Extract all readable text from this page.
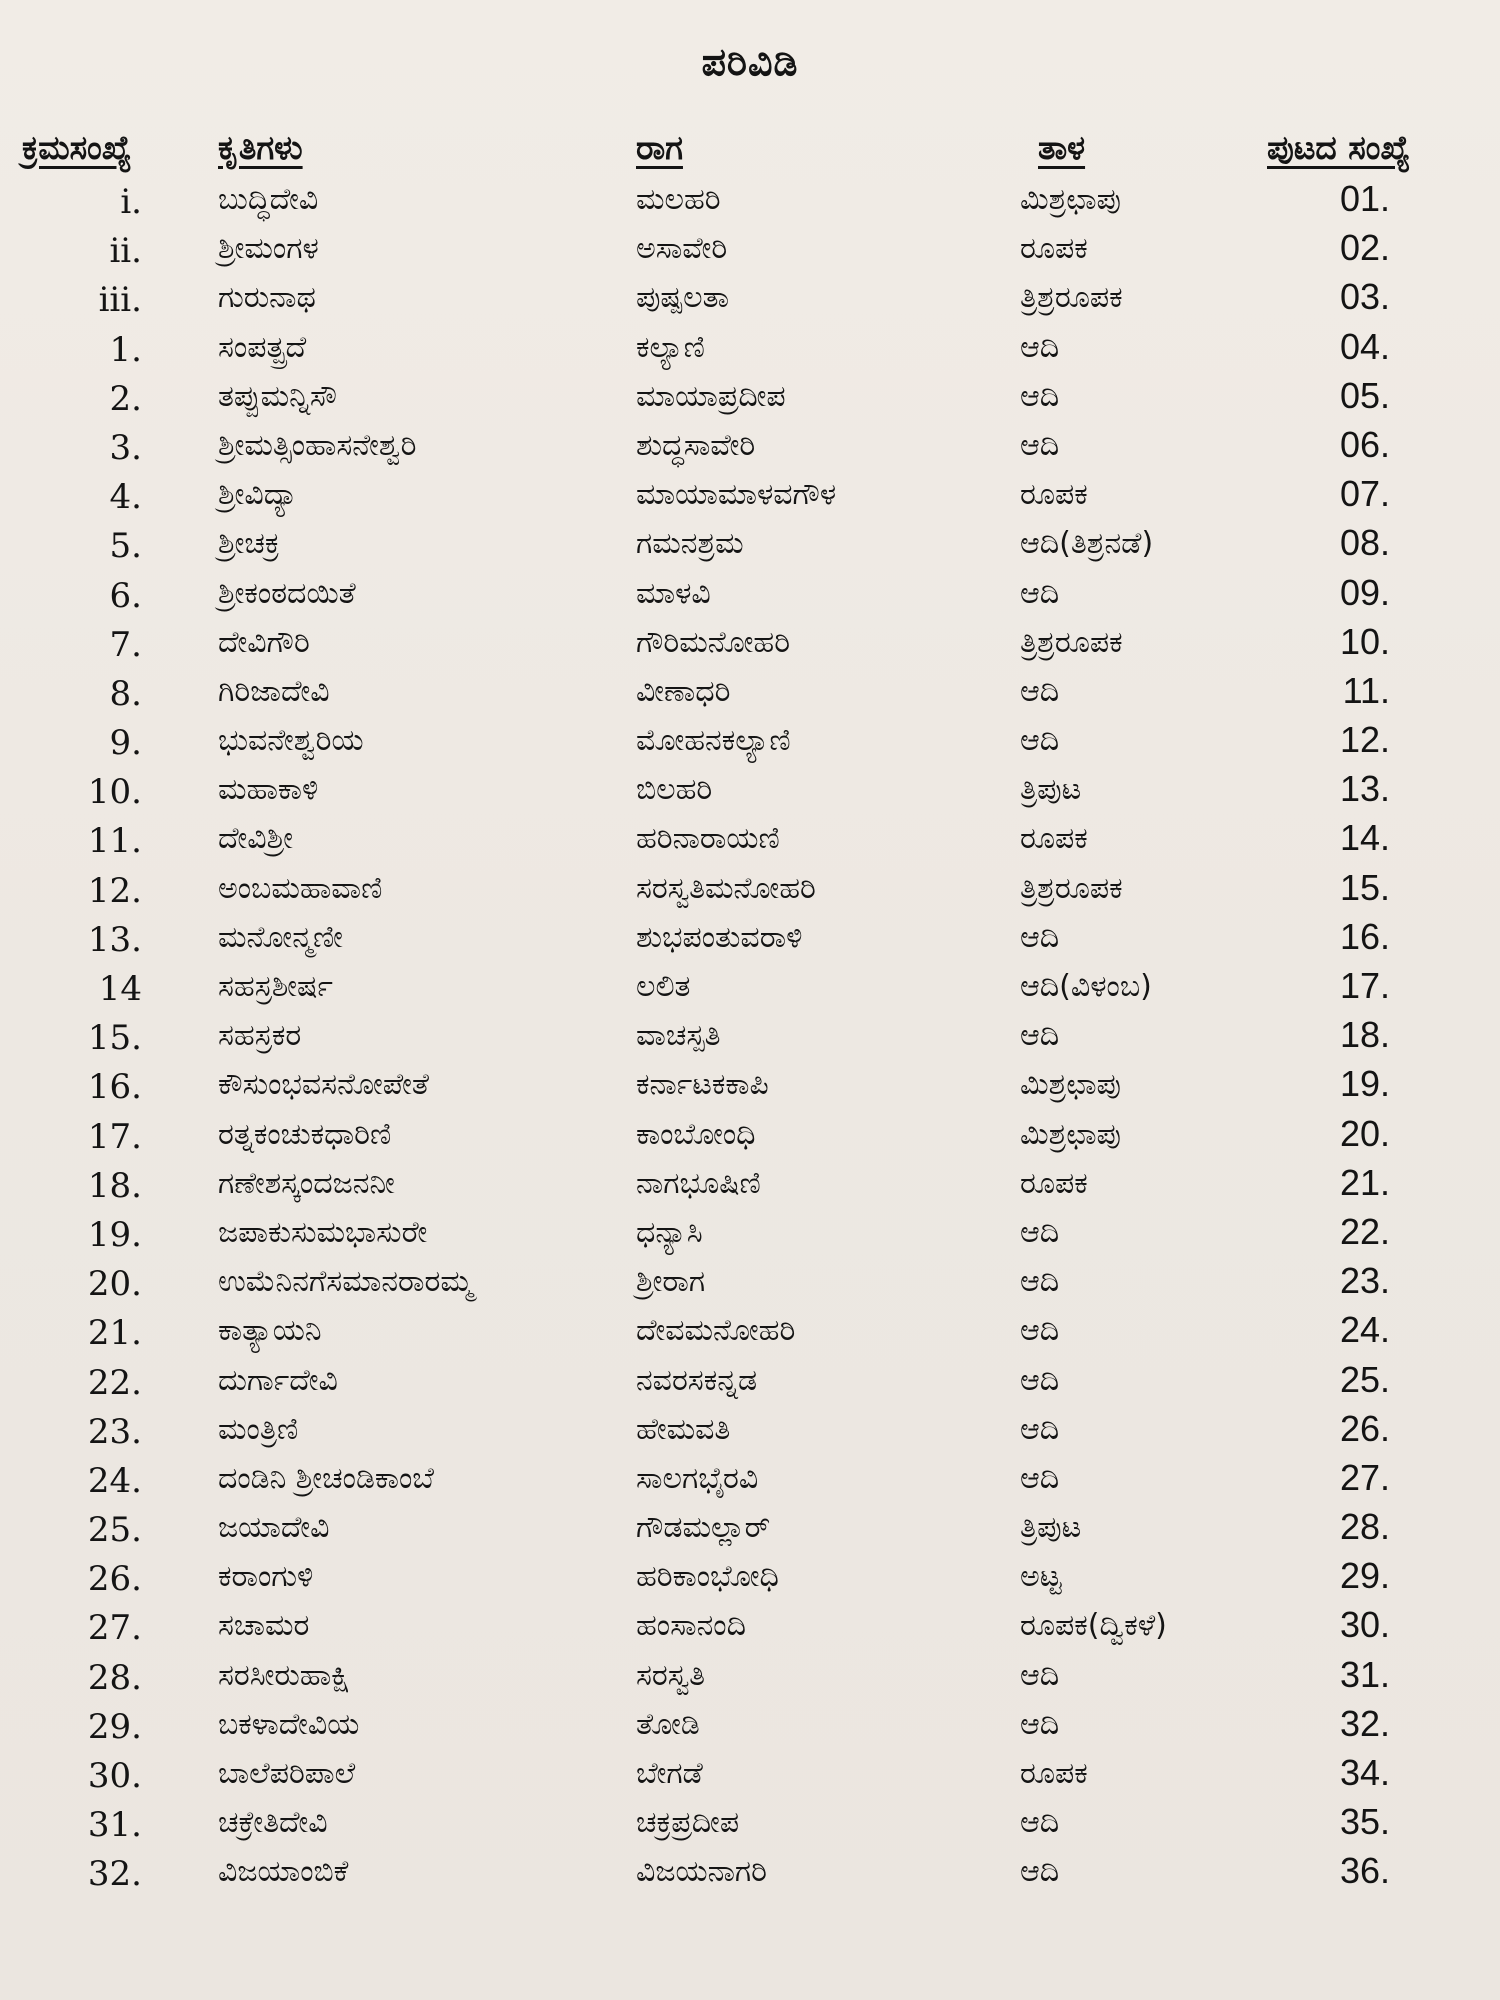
ಪರಿವಿಡಿ
ಕ್ರಮಸಂಖ್ಯೆ	ಕೃತಿಗಳು	ರಾಗ	ತಾಳ	ಪುಟದ ಸಂಖ್ಯೆ
i.	ಬುದ್ಧಿದೇವಿ	ಮಲಹರಿ	ಮಿಶ್ರಛಾಪು	01.
ii.	ಶ್ರೀಮಂಗಳ	ಅಸಾವೇರಿ	ರೂಪಕ	02.
iii.	ಗುರುನಾಥ	ಪುಷ್ಪಲತಾ	ತ್ರಿಶ್ರರೂಪಕ	03.
1.	ಸಂಪತ್ಪ್ರದೆ	ಕಲ್ಯಾಣಿ	ಆದಿ	04.
2.	ತಪ್ಪುಮನ್ನಿಸೌ	ಮಾಯಾಪ್ರದೀಪ	ಆದಿ	05.
3.	ಶ್ರೀಮತ್ಸಿಂಹಾಸನೇಶ್ವರಿ	ಶುದ್ಧಸಾವೇರಿ	ಆದಿ	06.
4.	ಶ್ರೀವಿದ್ಯಾ	ಮಾಯಾಮಾಳವಗೌಳ	ರೂಪಕ	07.
5.	ಶ್ರೀಚಕ್ರ	ಗಮನಶ್ರಮ	ಆದಿ(ತಿಶ್ರನಡೆ)	08.
6.	ಶ್ರೀಕಂಠದಯಿತೆ	ಮಾಳವಿ	ಆದಿ	09.
7.	ದೇವಿಗೌರಿ	ಗೌರಿಮನೋಹರಿ	ತ್ರಿಶ್ರರೂಪಕ	10.
8.	ಗಿರಿಜಾದೇವಿ	ವೀಣಾಧರಿ	ಆದಿ	11.
9.	ಭುವನೇಶ್ವರಿಯ	ಮೋಹನಕಲ್ಯಾಣಿ	ಆದಿ	12.
10.	ಮಹಾಕಾಳಿ	ಬಿಲಹರಿ	ತ್ರಿಪುಟ	13.
11.	ದೇವಿಶ್ರೀ	ಹರಿನಾರಾಯಣಿ	ರೂಪಕ	14.
12.	ಅಂಬಮಹಾವಾಣಿ	ಸರಸ್ವತಿಮನೋಹರಿ	ತ್ರಿಶ್ರರೂಪಕ	15.
13.	ಮನೋನ್ಮಣೀ	ಶುಭಪಂತುವರಾಳಿ	ಆದಿ	16.
14	ಸಹಸ್ರಶೀರ್ಷ	ಲಲಿತ	ಆದಿ(ವಿಳಂಬ)	17.
15.	ಸಹಸ್ರಕರ	ವಾಚಸ್ಪತಿ	ಆದಿ	18.
16.	ಕೌಸುಂಭವಸನೋಪೇತೆ	ಕರ್ನಾಟಕಕಾಪಿ	ಮಿಶ್ರಛಾಪು	19.
17.	ರತ್ನಕಂಚುಕಧಾರಿಣಿ	ಕಾಂಬೋಂಧಿ	ಮಿಶ್ರಛಾಪು	20.
18.	ಗಣೇಶಸ್ಕಂದಜನನೀ	ನಾಗಭೂಷಿಣಿ	ರೂಪಕ	21.
19.	ಜಪಾಕುಸುಮಭಾಸುರೇ	ಧನ್ಯಾಸಿ	ಆದಿ	22.
20.	ಉಮೆನಿನಗೆಸಮಾನರಾರಮ್ಮ	ಶ್ರೀರಾಗ	ಆದಿ	23.
21.	ಕಾತ್ಯಾಯನಿ	ದೇವಮನೋಹರಿ	ಆದಿ	24.
22.	ದುರ್ಗಾದೇವಿ	ನವರಸಕನ್ನಡ	ಆದಿ	25.
23.	ಮಂತ್ರಿಣಿ	ಹೇಮವತಿ	ಆದಿ	26.
24.	ದಂಡಿನಿ ಶ್ರೀಚಂಡಿಕಾಂಬೆ	ಸಾಲಗಭೈರವಿ	ಆದಿ	27.
25.	ಜಯಾದೇವಿ	ಗೌಡಮಲ್ಲಾರ್	ತ್ರಿಪುಟ	28.
26.	ಕರಾಂಗುಳಿ	ಹರಿಕಾಂಭೋಧಿ	ಅಟ್ಟ	29.
27.	ಸಚಾಮರ	ಹಂಸಾನಂದಿ	ರೂಪಕ(ದ್ವಿಕಳೆ)	30.
28.	ಸರಸೀರುಹಾಕ್ಷಿ	ಸರಸ್ವತಿ	ಆದಿ	31.
29.	ಬಕಳಾದೇವಿಯ	ತೋಡಿ	ಆದಿ	32.
30.	ಬಾಲೆಪರಿಪಾಲೆ	ಬೇಗಡೆ	ರೂಪಕ	34.
31.	ಚಕ್ರೇತಿದೇವಿ	ಚಕ್ರಪ್ರದೀಪ	ಆದಿ	35.
32.	ವಿಜಯಾಂಬಿಕೆ	ವಿಜಯನಾಗರಿ	ಆದಿ	36.
